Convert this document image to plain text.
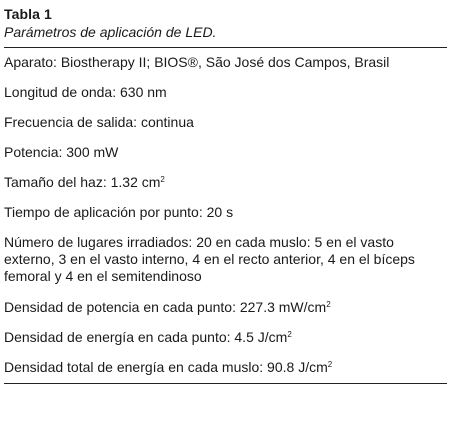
Tabla 1
Parámetros de aplicación de LED.
Aparato: Biostherapy II; BIOS®, São José dos Campos, Brasil
Longitud de onda: 630 nm
Frecuencia de salida: continua
Potencia: 300 mW
Tamaño del haz: 1.32 $cm^2$
Tiempo de aplicación por punto: 20 s
Número de lugares irradiados: 20 en cada muslo: 5 en el vasto externo, 3 en el vasto interno, 4 en el recto anterior, 4 en el bíceps femoral y 4 en el semitendinoso
Densidad de potencia en cada punto: 227.3 $mW/cm^2$
Densidad de energía en cada punto: 4.5 $J/cm^2$
Densidad total de energía en cada muslo: 90.8 $J/cm^2$
